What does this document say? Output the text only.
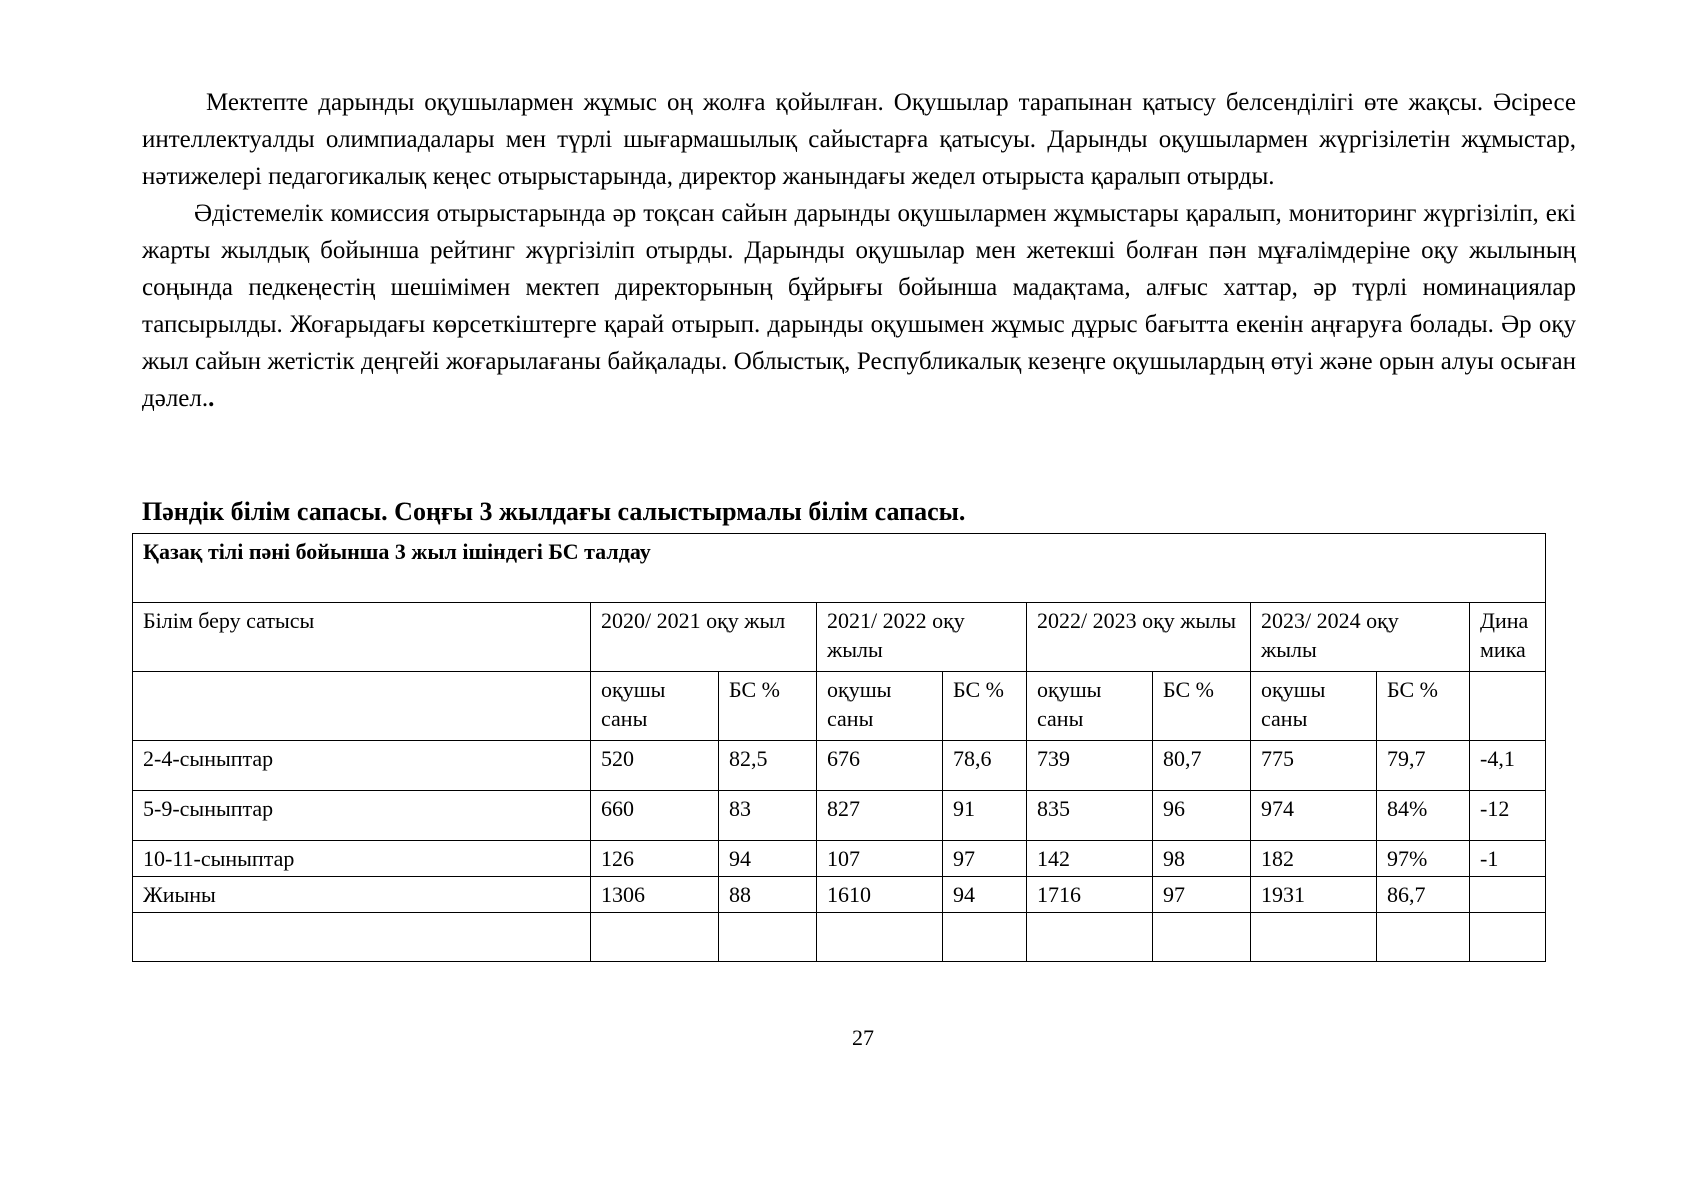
Мектепте дарынды оқушылармен жұмыс оң жолға қойылған. Оқушылар тарапынан қатысу белсенділігі өте жақсы. Әсіресе интеллектуалды олимпиадалары мен түрлі шығармашылық сайыстарға қатысуы. Дарынды оқушылармен жүргізілетін жұмыстар, нәтижелері педагогикалық кеңес отырыстарында, директор жанындағы жедел отырыста қаралып отырды.

Әдістемелік комиссия отырыстарында әр тоқсан сайын дарынды оқушылармен жұмыстары қаралып, мониторинг жүргізіліп, екі жарты жылдық бойынша рейтинг жүргізіліп отырды. Дарынды оқушылар мен жетекші болған пән мұғалімдеріне оқу жылының соңында педкеңестің шешімімен мектеп директорының бұйрығы бойынша мадақтама, алғыс хаттар, әр түрлі номинациялар тапсырылды. Жоғарыдағы көрсеткіштерге қарай отырып. дарынды оқушымен жұмыс дұрыс бағытта екенін аңғаруға болады. Әр оқу жыл сайын жетістік деңгейі жоғарылағаны байқалады. Облыстық, Республикалық кезеңге оқушылардың өтуі және орын алуы осыған дәлел..

Пәндік білім сапасы. Соңғы 3 жылдағы салыстырмалы білім сапасы.
Қазақ тілі пәні бойынша 3 жыл ішіндегі БС талдау									
Білім беру сатысы	2020/ 2021 оқу жыл		2021/ 2022 оқу жылы		2022/ 2023 оқу жылы		2023/ 2024 оқу жылы		Дина мика
	оқушы саны	БС %	оқушы саны	БС %	оқушы саны	БС %	оқушы саны	БС %	
2-4-сыныптар	520	82,5	676	78,6	739	80,7	775	79,7	-4,1
5-9-сыныптар	660	83	827	91	835	96	974	84%	-12
10-11-сыныптар	126	94	107	97	142	98	182	97%	-1
Жиыны	1306	88	1610	94	1716	97	1931	86,7	

27
